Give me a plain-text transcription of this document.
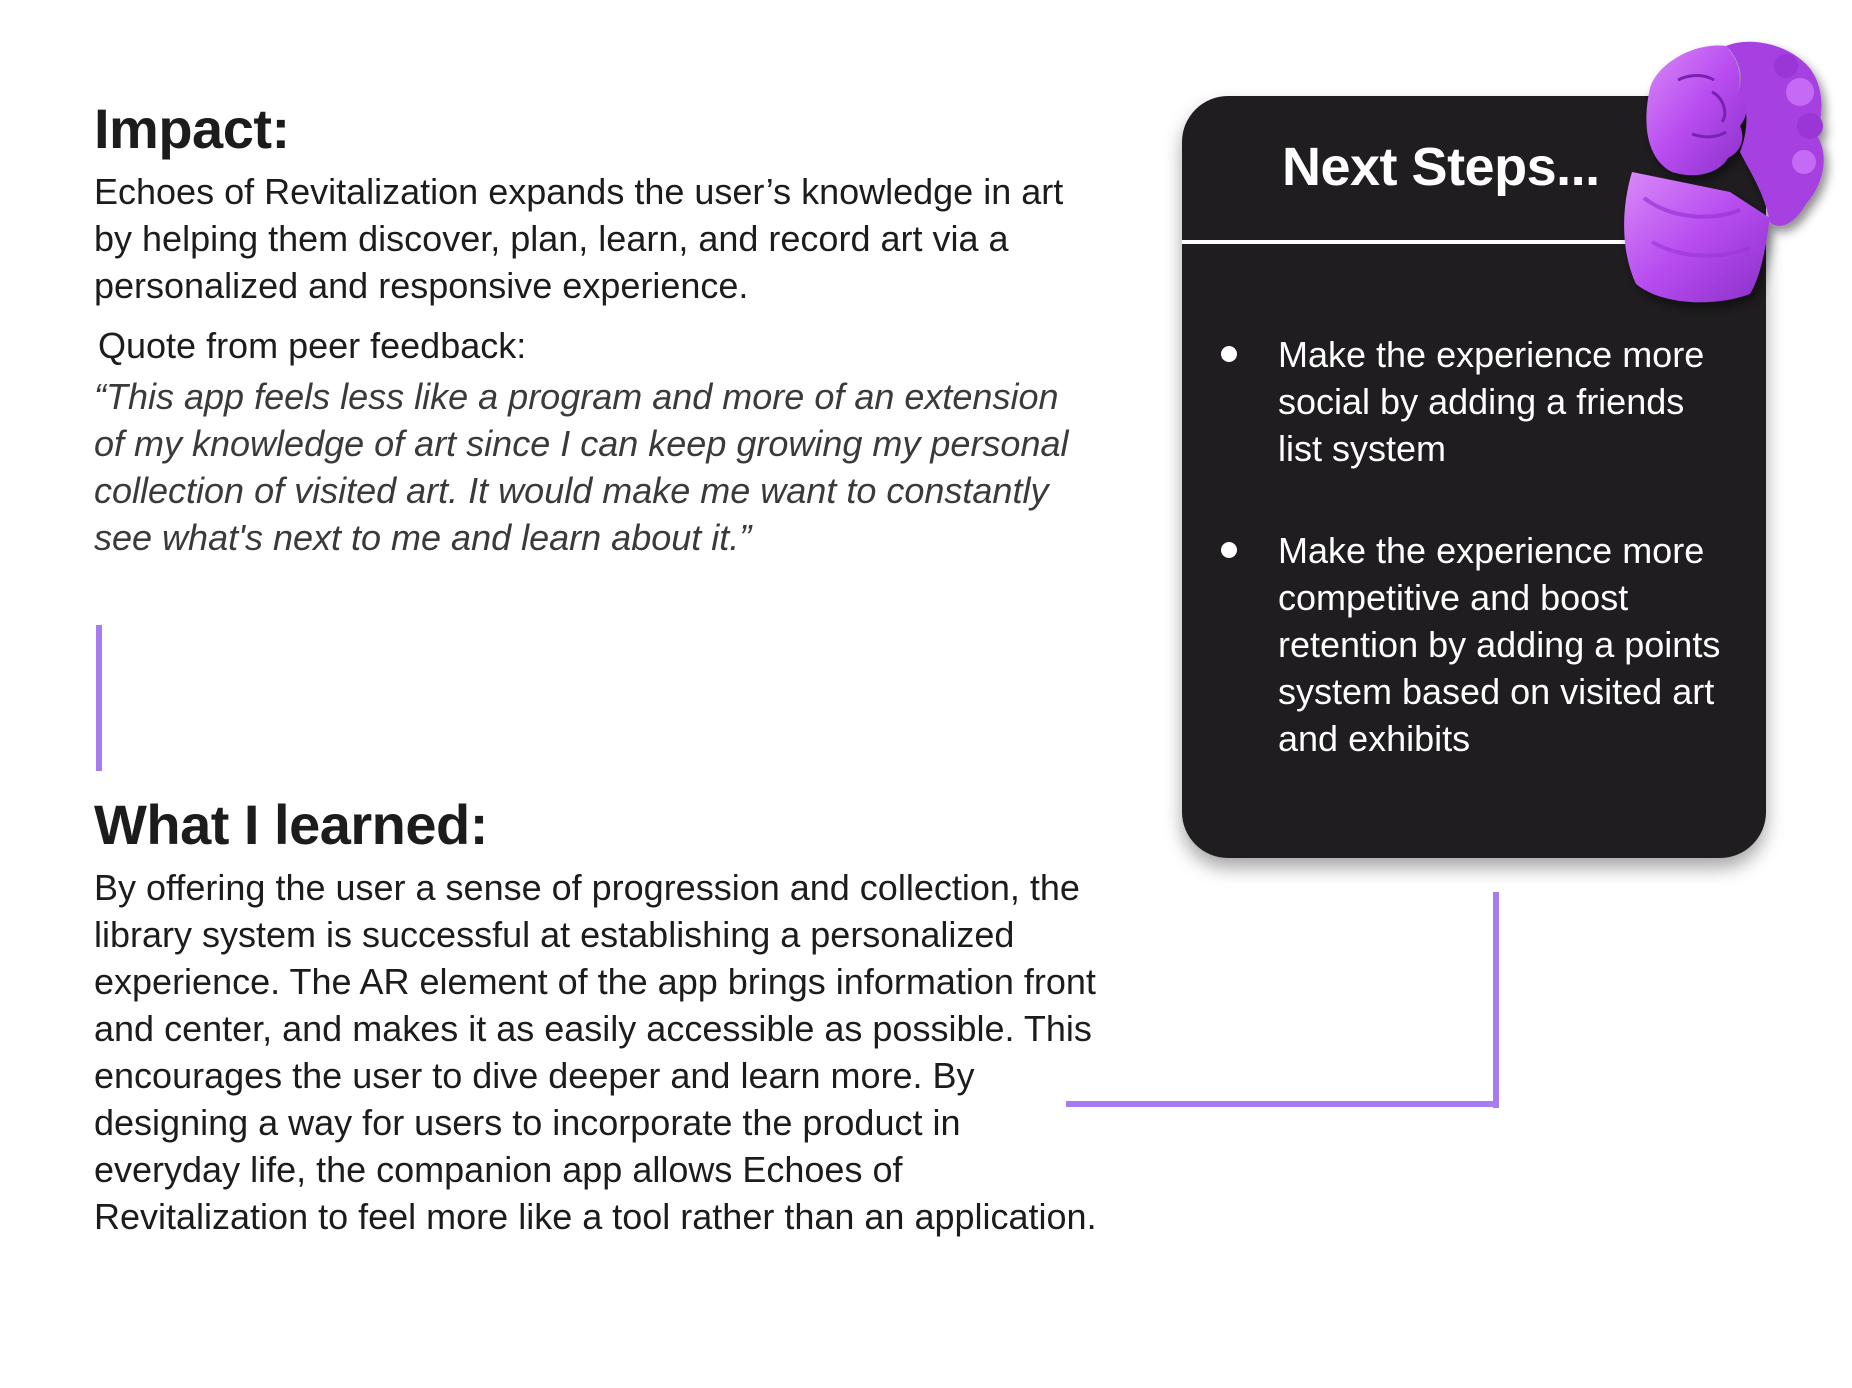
Impact:
Echoes of Revitalization expands the user’s knowledge in art by helping them discover, plan, learn, and record art via a personalized and responsive experience.
Quote from peer feedback:
“This app feels less like a program and more of an extension of my knowledge of art since I can keep growing my personal collection of visited art. It would make me want to constantly see what's next to me and learn about it.”
What I learned:
By offering the user a sense of progression and collection, the library system is successful at establishing a personalized experience. The AR element of the app brings information front and center, and makes it as easily accessible as possible. This encourages the user to dive deeper and learn more. By designing a way for users to incorporate the product in everyday life, the companion app allows Echoes of Revitalization to feel more like a tool rather than an application.
Next Steps...
Make the experience more social by adding a friends list system
Make the experience more competitive and boost retention by adding a points system based on visited art and exhibits
